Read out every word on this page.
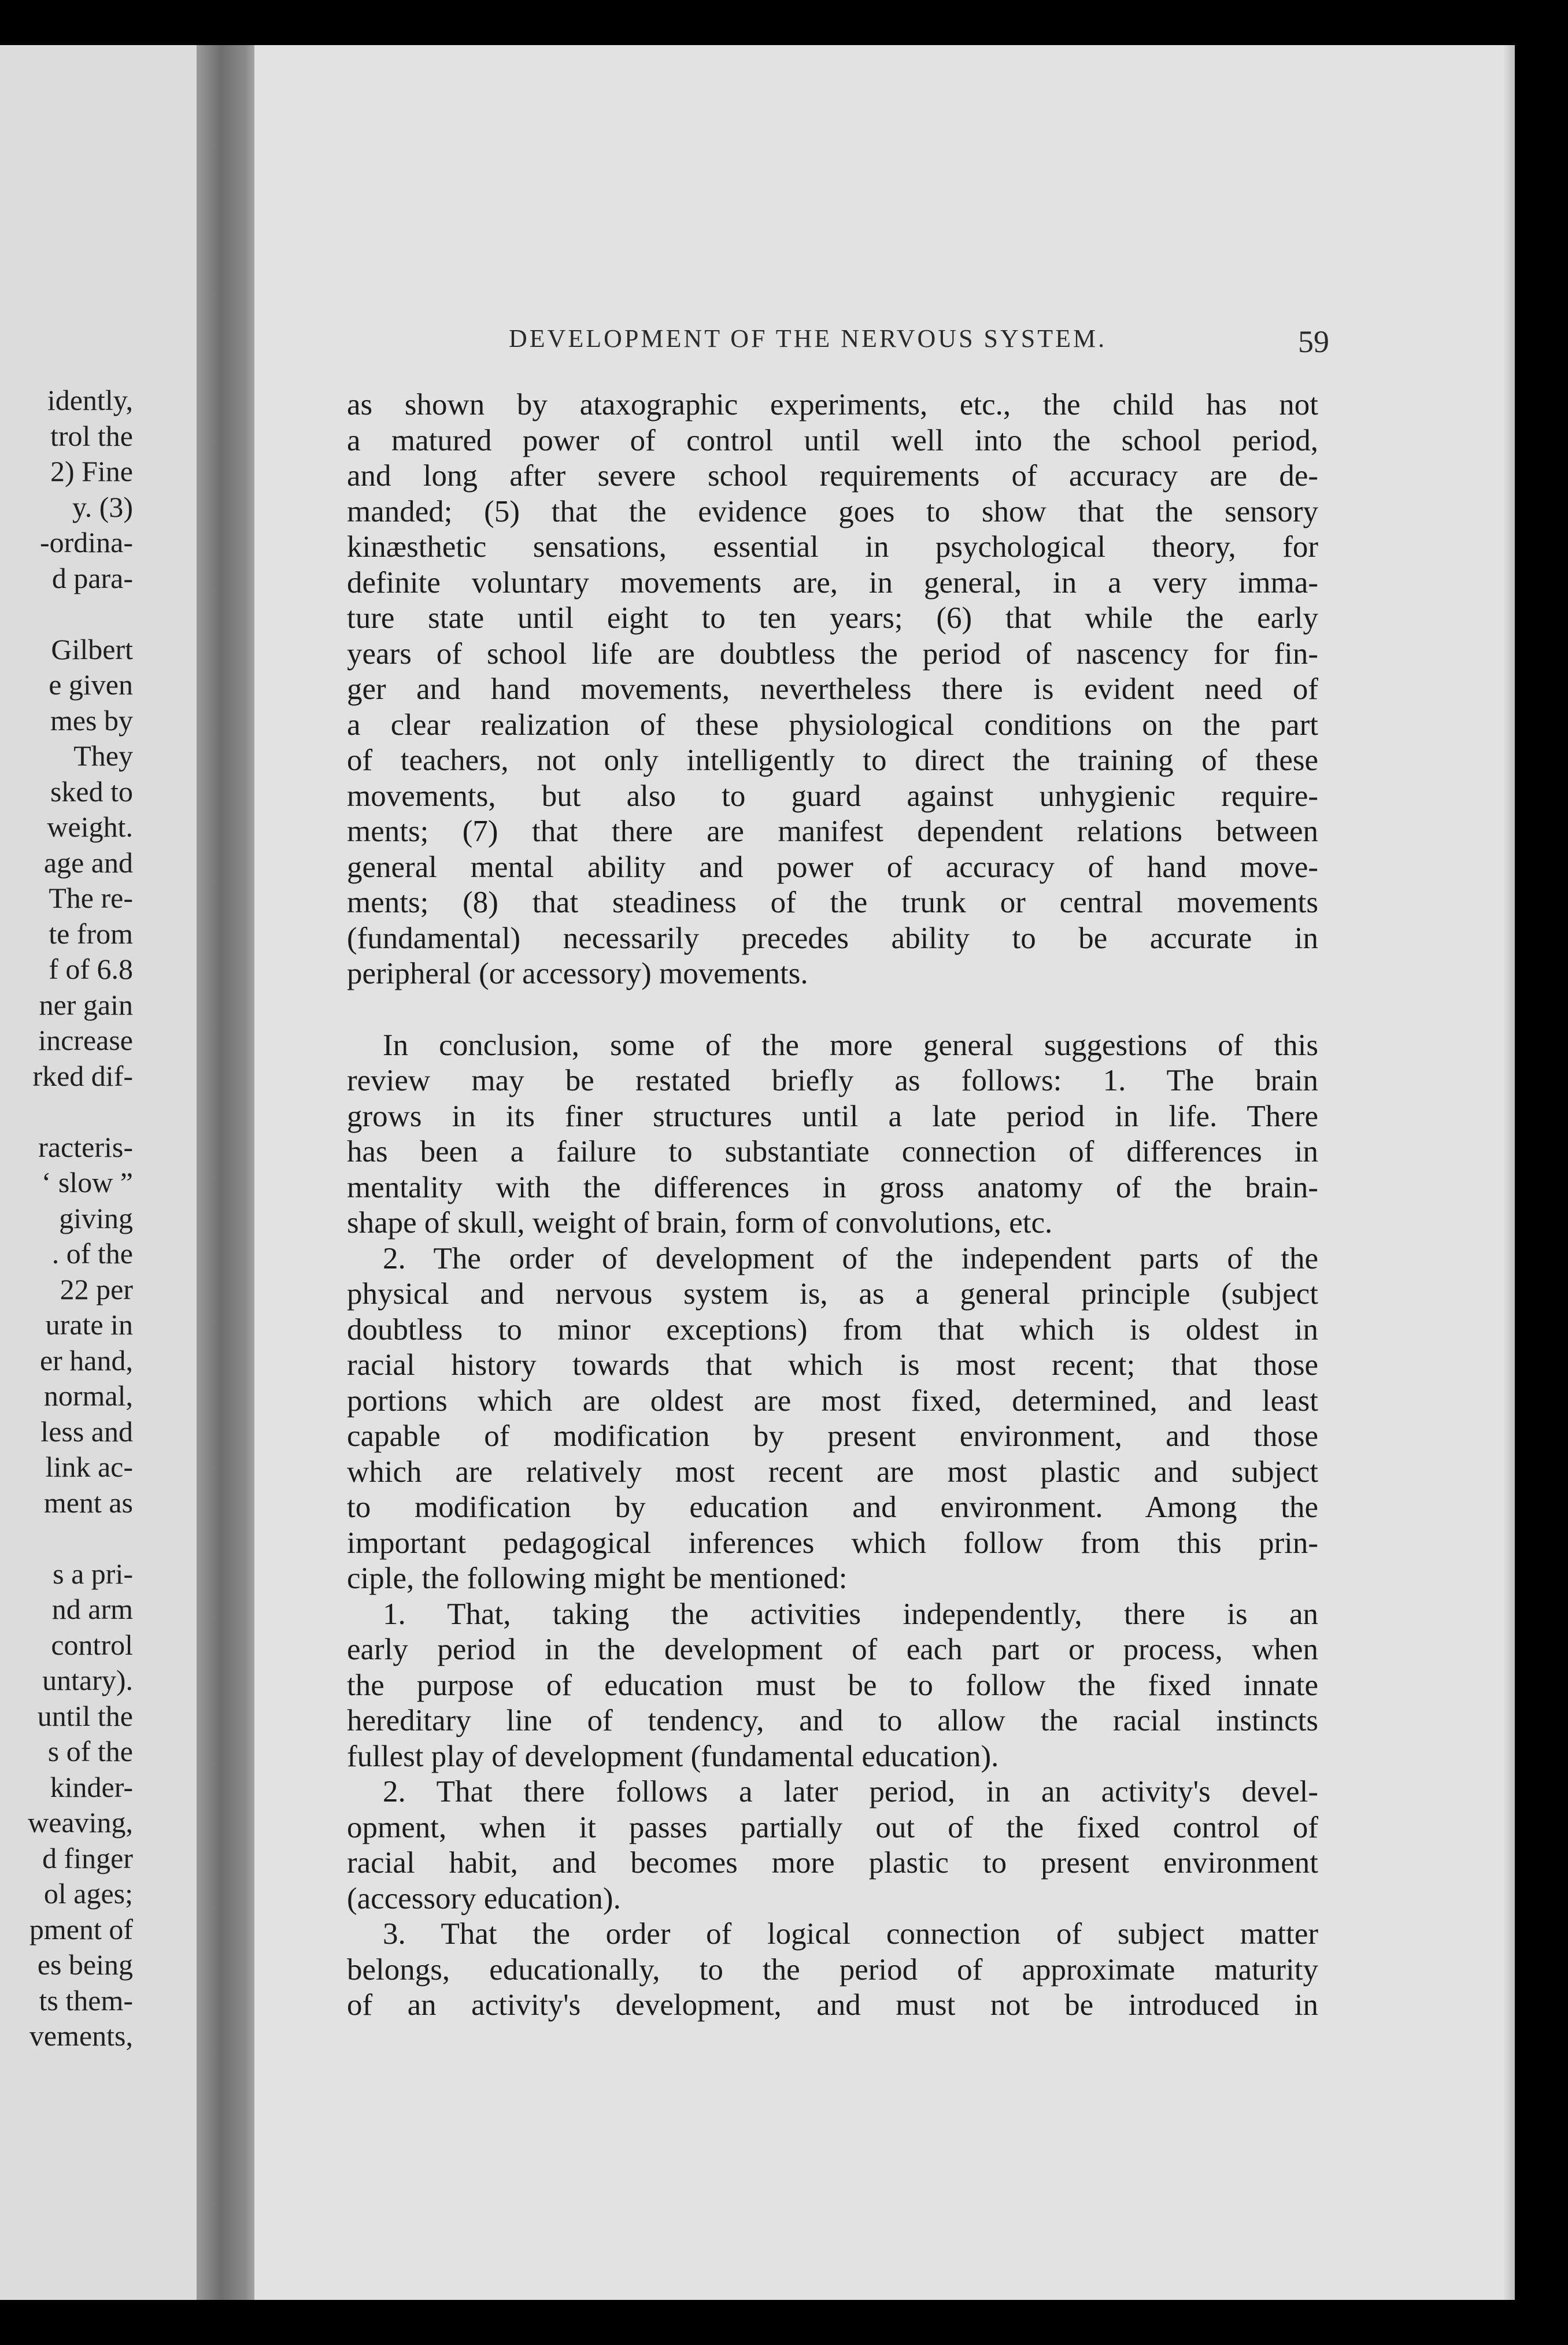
idently,
trol the
2) Fine
y. (3)
-ordina-
d para-
Gilbert
e given
mes by
They
sked to
weight.
age and
The re-
te from
f of 6.8
ner gain
increase
rked dif-
racteris-
‘ slow ”
giving
. of the
22 per
urate in
er hand,
normal,
less and
link ac-
ment as
s a pri-
nd arm
control
untary).
until the
s of the
kinder-
weaving,
d finger
ol ages;
pment of
es being
ts them-
vements,
DEVELOPMENT OF THE NERVOUS SYSTEM.	59
as shown by ataxographic experiments, etc., the child has not
a matured power of control until well into the school period,
and long after severe school requirements of accuracy are de-
manded; (5) that the evidence goes to show that the sensory
kinæsthetic sensations, essential in psychological theory, for
definite voluntary movements are, in general, in a very imma-
ture state until eight to ten years; (6) that while the early
years of school life are doubtless the period of nascency for fin-
ger and hand movements, nevertheless there is evident need of
a clear realization of these physiological conditions on the part
of teachers, not only intelligently to direct the training of these
movements, but also to guard against unhygienic require-
ments; (7) that there are manifest dependent relations between
general mental ability and power of accuracy of hand move-
ments; (8) that steadiness of the trunk or central movements
(fundamental) necessarily precedes ability to be accurate in
peripheral (or accessory) movements.
In conclusion, some of the more general suggestions of this
review may be restated briefly as follows: 1. The brain
grows in its finer structures until a late period in life. There
has been a failure to substantiate connection of differences in
mentality with the differences in gross anatomy of the brain-
shape of skull, weight of brain, form of convolutions, etc.
2. The order of development of the independent parts of the
physical and nervous system is, as a general principle (subject
doubtless to minor exceptions) from that which is oldest in
racial history towards that which is most recent; that those
portions which are oldest are most fixed, determined, and least
capable of modification by present environment, and those
which are relatively most recent are most plastic and subject
to modification by education and environment. Among the
important pedagogical inferences which follow from this prin-
ciple, the following might be mentioned:
1. That, taking the activities independently, there is an
early period in the development of each part or process, when
the purpose of education must be to follow the fixed innate
hereditary line of tendency, and to allow the racial instincts
fullest play of development (fundamental education).
2. That there follows a later period, in an activity's devel-
opment, when it passes partially out of the fixed control of
racial habit, and becomes more plastic to present environment
(accessory education).
3. That the order of logical connection of subject matter
belongs, educationally, to the period of approximate maturity
of an activity's development, and must not be introduced in
